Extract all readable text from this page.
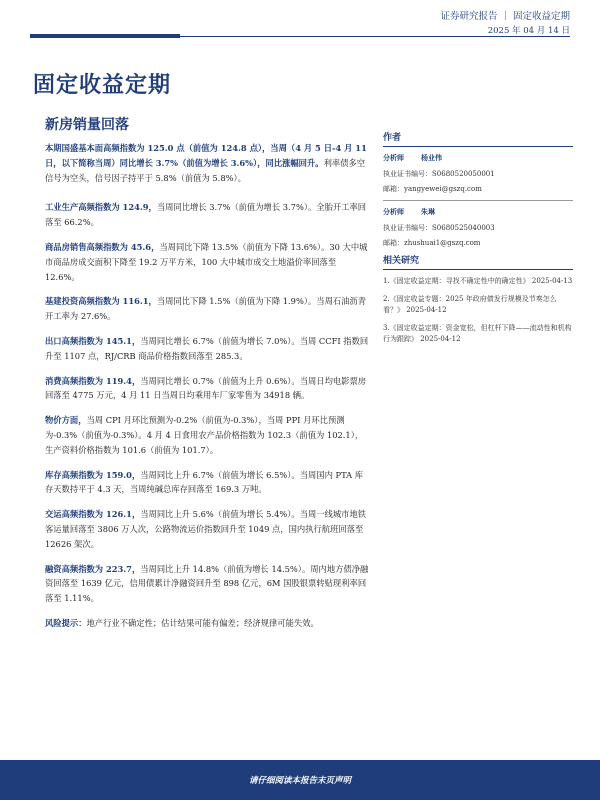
证券研究报告 ｜ 固定收益定期
2025 年 04 月 14 日
固定收益定期
新房销量回落

本期国盛基本面高频指数为 125.0 点（前值为 124.8 点），当周（4 月 5 日-4 月 11 日，以下简称当周）同比增长 3.7%（前值为增长 3.6%），同比涨幅回升。利率债多空信号为空头，信号因子持平于 5.8%（前值为 5.8%）。

工业生产高频指数为 124.9，当周同比增长 3.7%（前值为增长 3.7%）。全胎开工率回落至 66.2%。

商品房销售高频指数为 45.6，当周同比下降 13.5%（前值为下降 13.6%）。30 大中城市商品房成交面积下降至 19.2 万平方米，100 大中城市成交土地溢价率回落至 12.6%。

基建投资高频指数为 116.1，当周同比下降 1.5%（前值为下降 1.9%）。当周石油沥青开工率为 27.6%。

出口高频指数为 145.1，当周同比增长 6.7%（前值为增长 7.0%）。当周 CCFI 指数回升至 1107 点，RJ/CRB 商品价格指数回落至 285.3。

消费高频指数为 119.4，当周同比增长 0.7%（前值为上升 0.6%）。当周日均电影票房回落至 4775 万元，4 月 11 日当周日均乘用车厂家零售为 34918 辆。

物价方面，当周 CPI 月环比预测为-0.2%（前值为-0.3%），当周 PPI 月环比预测为-0.3%（前值为-0.3%）。4 月 4 日食用农产品价格指数为 102.3（前值为 102.1），生产资料价格指数为 101.6（前值为 101.7）。

库存高频指数为 159.0，当周同比上升 6.7%（前值为增长 6.5%）。当周国内 PTA 库存天数持平于 4.3 天，当周纯碱总库存回落至 169.3 万吨。

交运高频指数为 126.1，当周同比上升 5.6%（前值为增长 5.4%）。当周一线城市地铁客运量回落至 3806 万人次，公路物流运价指数回升至 1049 点，国内执行航班回落至 12626 架次。

融资高频指数为 223.7，当周同比上升 14.8%（前值为增长 14.5%）。周内地方债净融资回落至 1639 亿元，信用债累计净融资回升至 898 亿元，6M 国股银票转贴现利率回落至 1.11%。

风险提示：地产行业不确定性；估计结果可能有偏差；经济规律可能失效。

作者
分析师	杨业伟
执业证书编号：S0680520050001
邮箱：yangyewei@gszq.com
分析师	朱琳
执业证书编号：S0680525040003
邮箱：zhushuai1@gszq.com
相关研究
1.《固定收益定期：寻找不确定性中的确定性》 2025-04-13
2.《固定收益专题：2025 年政府债发行规模及节奏怎么看？》 2025-04-12
3.《固定收益定期：资金宽松，但杠杆下降——流动性和机构行为跟踪》 2025-04-12
请仔细阅读本报告末页声明
